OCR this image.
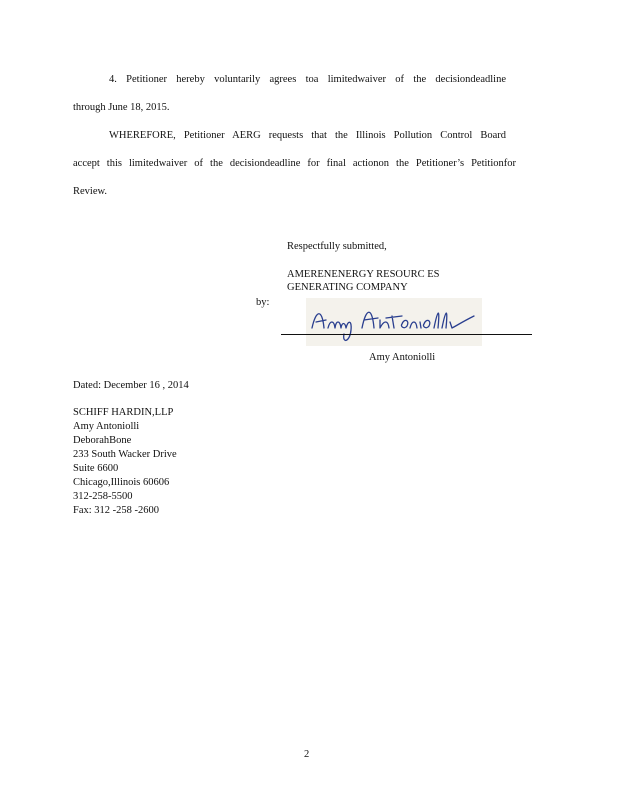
4. Petitioner hereby voluntarily agrees toa limitedwaiver of the decisiondeadline
through June 18, 2015.
WHEREFORE, Petitioner AERG requests that the Illinois Pollution Control Board
accept this limitedwaiver of the decisiondeadline for final actionon the Petitioner’s Petitionfor
Review.
Respectfully submitted,
AMERENENERGY RESOURC ES
GENERATING COMPANY
by:
Amy Antoniolli
Dated: December 16 , 2014
SCHIFF HARDIN,LLP
Amy Antoniolli
DeborahBone
233 South Wacker Drive
Suite 6600
Chicago,Illinois 60606
312-258-5500
Fax: 312 -258 -2600
2
